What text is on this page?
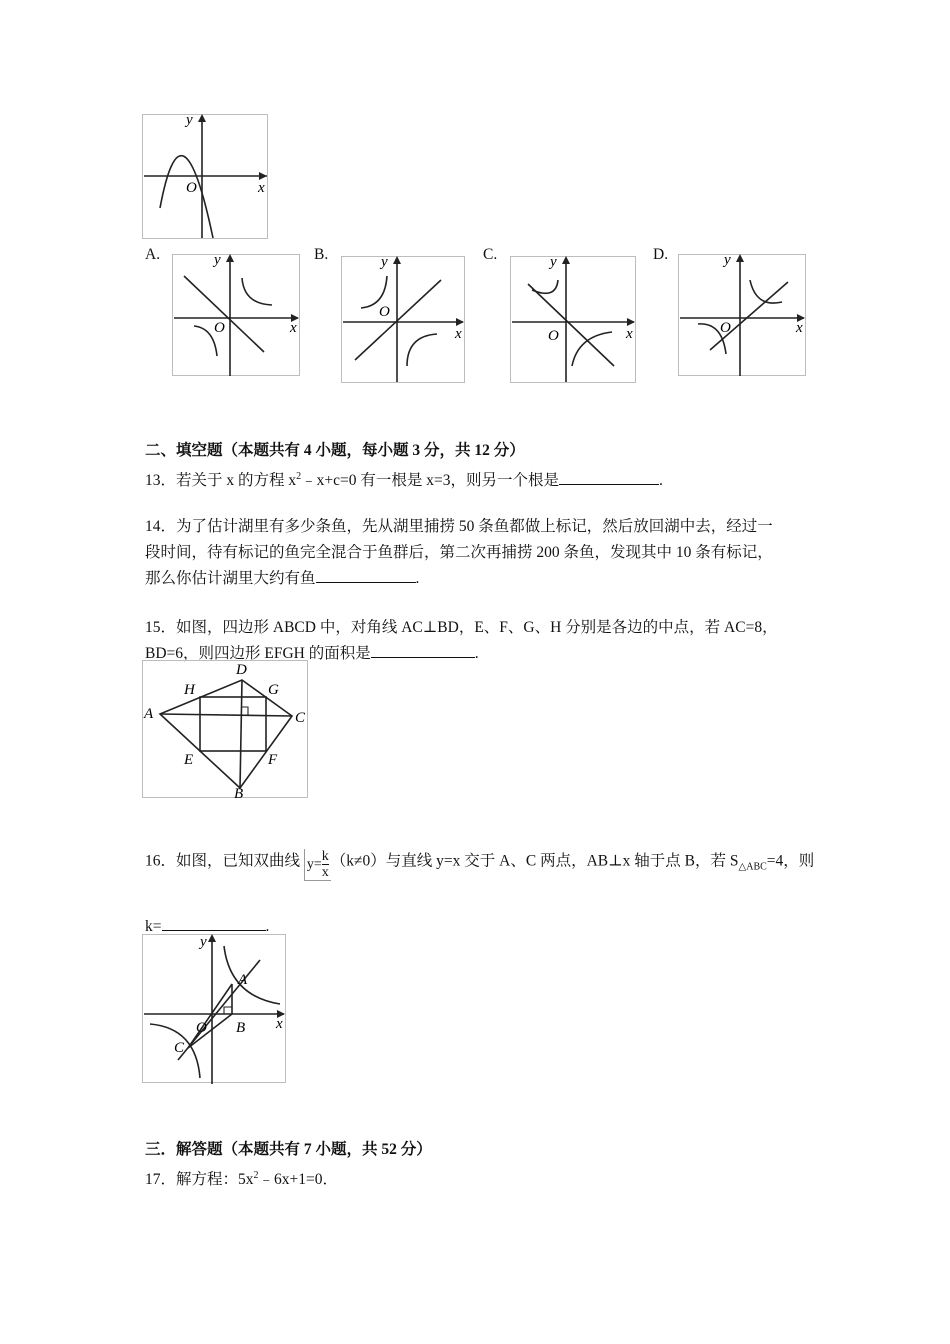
y
x
O
A.	B.	C.	D.
y
x
O
y
x
O
y
x
O
y
x
O
二、填空题（本题共有 4 小题，每小题 3 分，共 12 分）
13．若关于 x 的方程 $x^2﹣x+c=0$ 有一根是 x=3，则另一个根是	.
14．为了估计湖里有多少条鱼，先从湖里捕捞 50 条鱼都做上标记，然后放回湖中去，经过一
段时间，待有标记的鱼完全混合于鱼群后，第二次再捕捞 200 条鱼，发现其中 10 条有标记，
那么你估计湖里大约有鱼	.
15．如图，四边形 ABCD 中，对角线 AC⊥BD，E、F、G、H 分别是各边的中点，若 AC=8，
BD=6，则四边形 EFGH 的面积是	.
A
D
C
B
H	G
E	F
16．如图，已知双曲线 $y= \frac{k}{x} (k\ne 0)$与直线 y=x 交于 A、C 两点，AB⊥x 轴于点 B，若 $S_{\triangle ABC}=4$，则
k=	.
y
x
O
A
B
C
三．解答题（本题共有 7 小题，共 52 分）
17．解方程：$5x^2﹣6x+1=0$．
